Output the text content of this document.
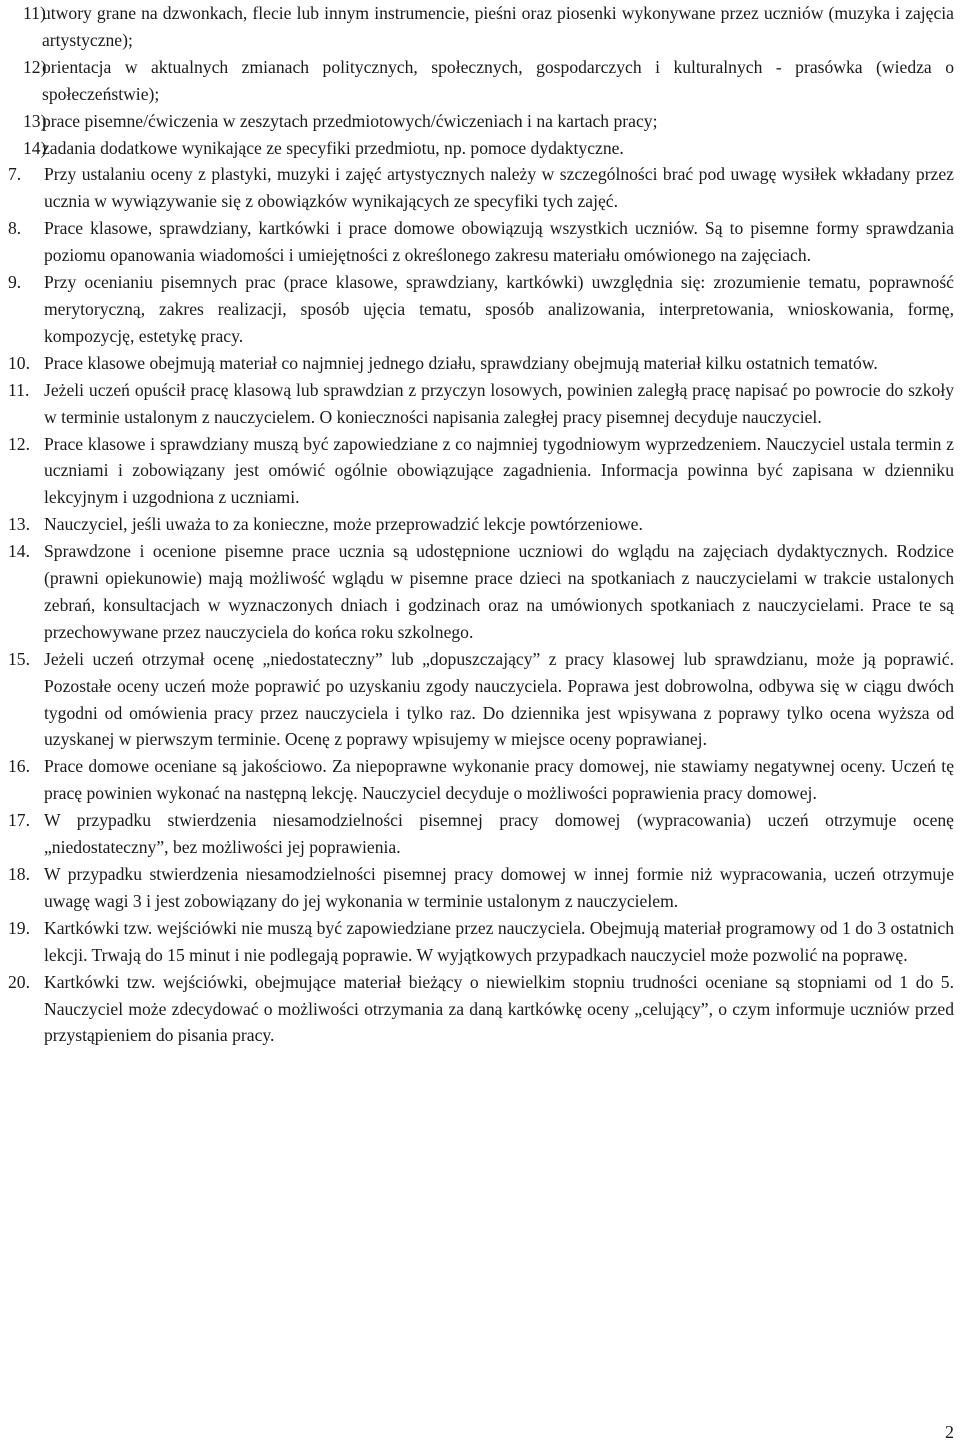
11)
utwory grane na dzwonkach, flecie lub innym instrumencie, pieśni oraz piosenki wykonywane przez uczniów (muzyka i zajęcia artystyczne);
12)
orientacja w aktualnych zmianach politycznych, społecznych, gospodarczych i kulturalnych - prasówka (wiedza o społeczeństwie);
13)
prace pisemne/ćwiczenia w zeszytach przedmiotowych/ćwiczeniach i na kartach pracy;
14)
zadania dodatkowe wynikające ze specyfiki przedmiotu, np. pomoce dydaktyczne.
7. Przy ustalaniu oceny z plastyki, muzyki i zajęć artystycznych należy w szczególności brać pod uwagę wysiłek wkładany przez ucznia w wywiązywanie się z obowiązków wynikających ze specyfiki tych zajęć.
8. Prace klasowe, sprawdziany, kartkówki i prace domowe obowiązują wszystkich uczniów. Są to pisemne formy sprawdzania poziomu opanowania wiadomości i umiejętności z określonego zakresu materiału omówionego na zajęciach.
9. Przy ocenianiu pisemnych prac (prace klasowe, sprawdziany, kartkówki) uwzględnia się: zrozumienie tematu, poprawność merytoryczną, zakres realizacji, sposób ujęcia tematu, sposób analizowania, interpretowania, wnioskowania, formę, kompozycję, estetykę pracy.
10. Prace klasowe obejmują materiał co najmniej jednego działu, sprawdziany obejmują materiał kilku ostatnich tematów.
11. Jeżeli uczeń opuścił pracę klasową lub sprawdzian z przyczyn losowych, powinien zaległą pracę napisać po powrocie do szkoły w terminie ustalonym z nauczycielem. O konieczności napisania zaległej pracy pisemnej decyduje nauczyciel.
12. Prace klasowe i sprawdziany muszą być zapowiedziane z co najmniej tygodniowym wyprzedzeniem. Nauczyciel ustala termin z uczniami i zobowiązany jest omówić ogólnie obowiązujące zagadnienia. Informacja powinna być zapisana w dzienniku lekcyjnym i uzgodniona z uczniami.
13. Nauczyciel, jeśli uważa to za konieczne, może przeprowadzić lekcje powtórzeniowe.
14. Sprawdzone i ocenione pisemne prace ucznia są udostępnione uczniowi do wglądu na zajęciach dydaktycznych. Rodzice (prawni opiekunowie) mają możliwość wglądu w pisemne prace dzieci na spotkaniach z nauczycielami w trakcie ustalonych zebrań, konsultacjach w wyznaczonych dniach i godzinach oraz na umówionych spotkaniach z nauczycielami. Prace te są przechowywane przez nauczyciela do końca roku szkolnego.
15. Jeżeli uczeń otrzymał ocenę „niedostateczny” lub „dopuszczający” z pracy klasowej lub sprawdzianu, może ją poprawić. Pozostałe oceny uczeń może poprawić po uzyskaniu zgody nauczyciela. Poprawa jest dobrowolna, odbywa się w ciągu dwóch tygodni od omówienia pracy przez nauczyciela i tylko raz. Do dziennika jest wpisywana z poprawy tylko ocena wyższa od uzyskanej w pierwszym terminie. Ocenę z poprawy wpisujemy w miejsce oceny poprawianej.
16. Prace domowe oceniane są jakościowo. Za niepoprawne wykonanie pracy domowej, nie stawiamy negatywnej oceny. Uczeń tę pracę powinien wykonać na następną lekcję. Nauczyciel decyduje o możliwości poprawienia pracy domowej.
17. W przypadku stwierdzenia niesamodzielności pisemnej pracy domowej (wypracowania) uczeń otrzymuje ocenę „niedostateczny”, bez możliwości jej poprawienia.
18. W przypadku stwierdzenia niesamodzielności pisemnej pracy domowej w innej formie niż wypracowania, uczeń otrzymuje uwagę wagi 3 i jest zobowiązany do jej wykonania w terminie ustalonym z nauczycielem.
19. Kartkówki tzw. wejściówki nie muszą być zapowiedziane przez nauczyciela. Obejmują materiał programowy od 1 do 3 ostatnich lekcji. Trwają do 15 minut i nie podlegają poprawie. W wyjątkowych przypadkach nauczyciel może pozwolić na poprawę.
20. Kartkówki tzw. wejściówki, obejmujące materiał bieżący o niewielkim stopniu trudności oceniane są stopniami od 1 do 5. Nauczyciel może zdecydować o możliwości otrzymania za daną kartkówkę oceny „celujący”, o czym informuje uczniów przed przystąpieniem do pisania pracy.
2
